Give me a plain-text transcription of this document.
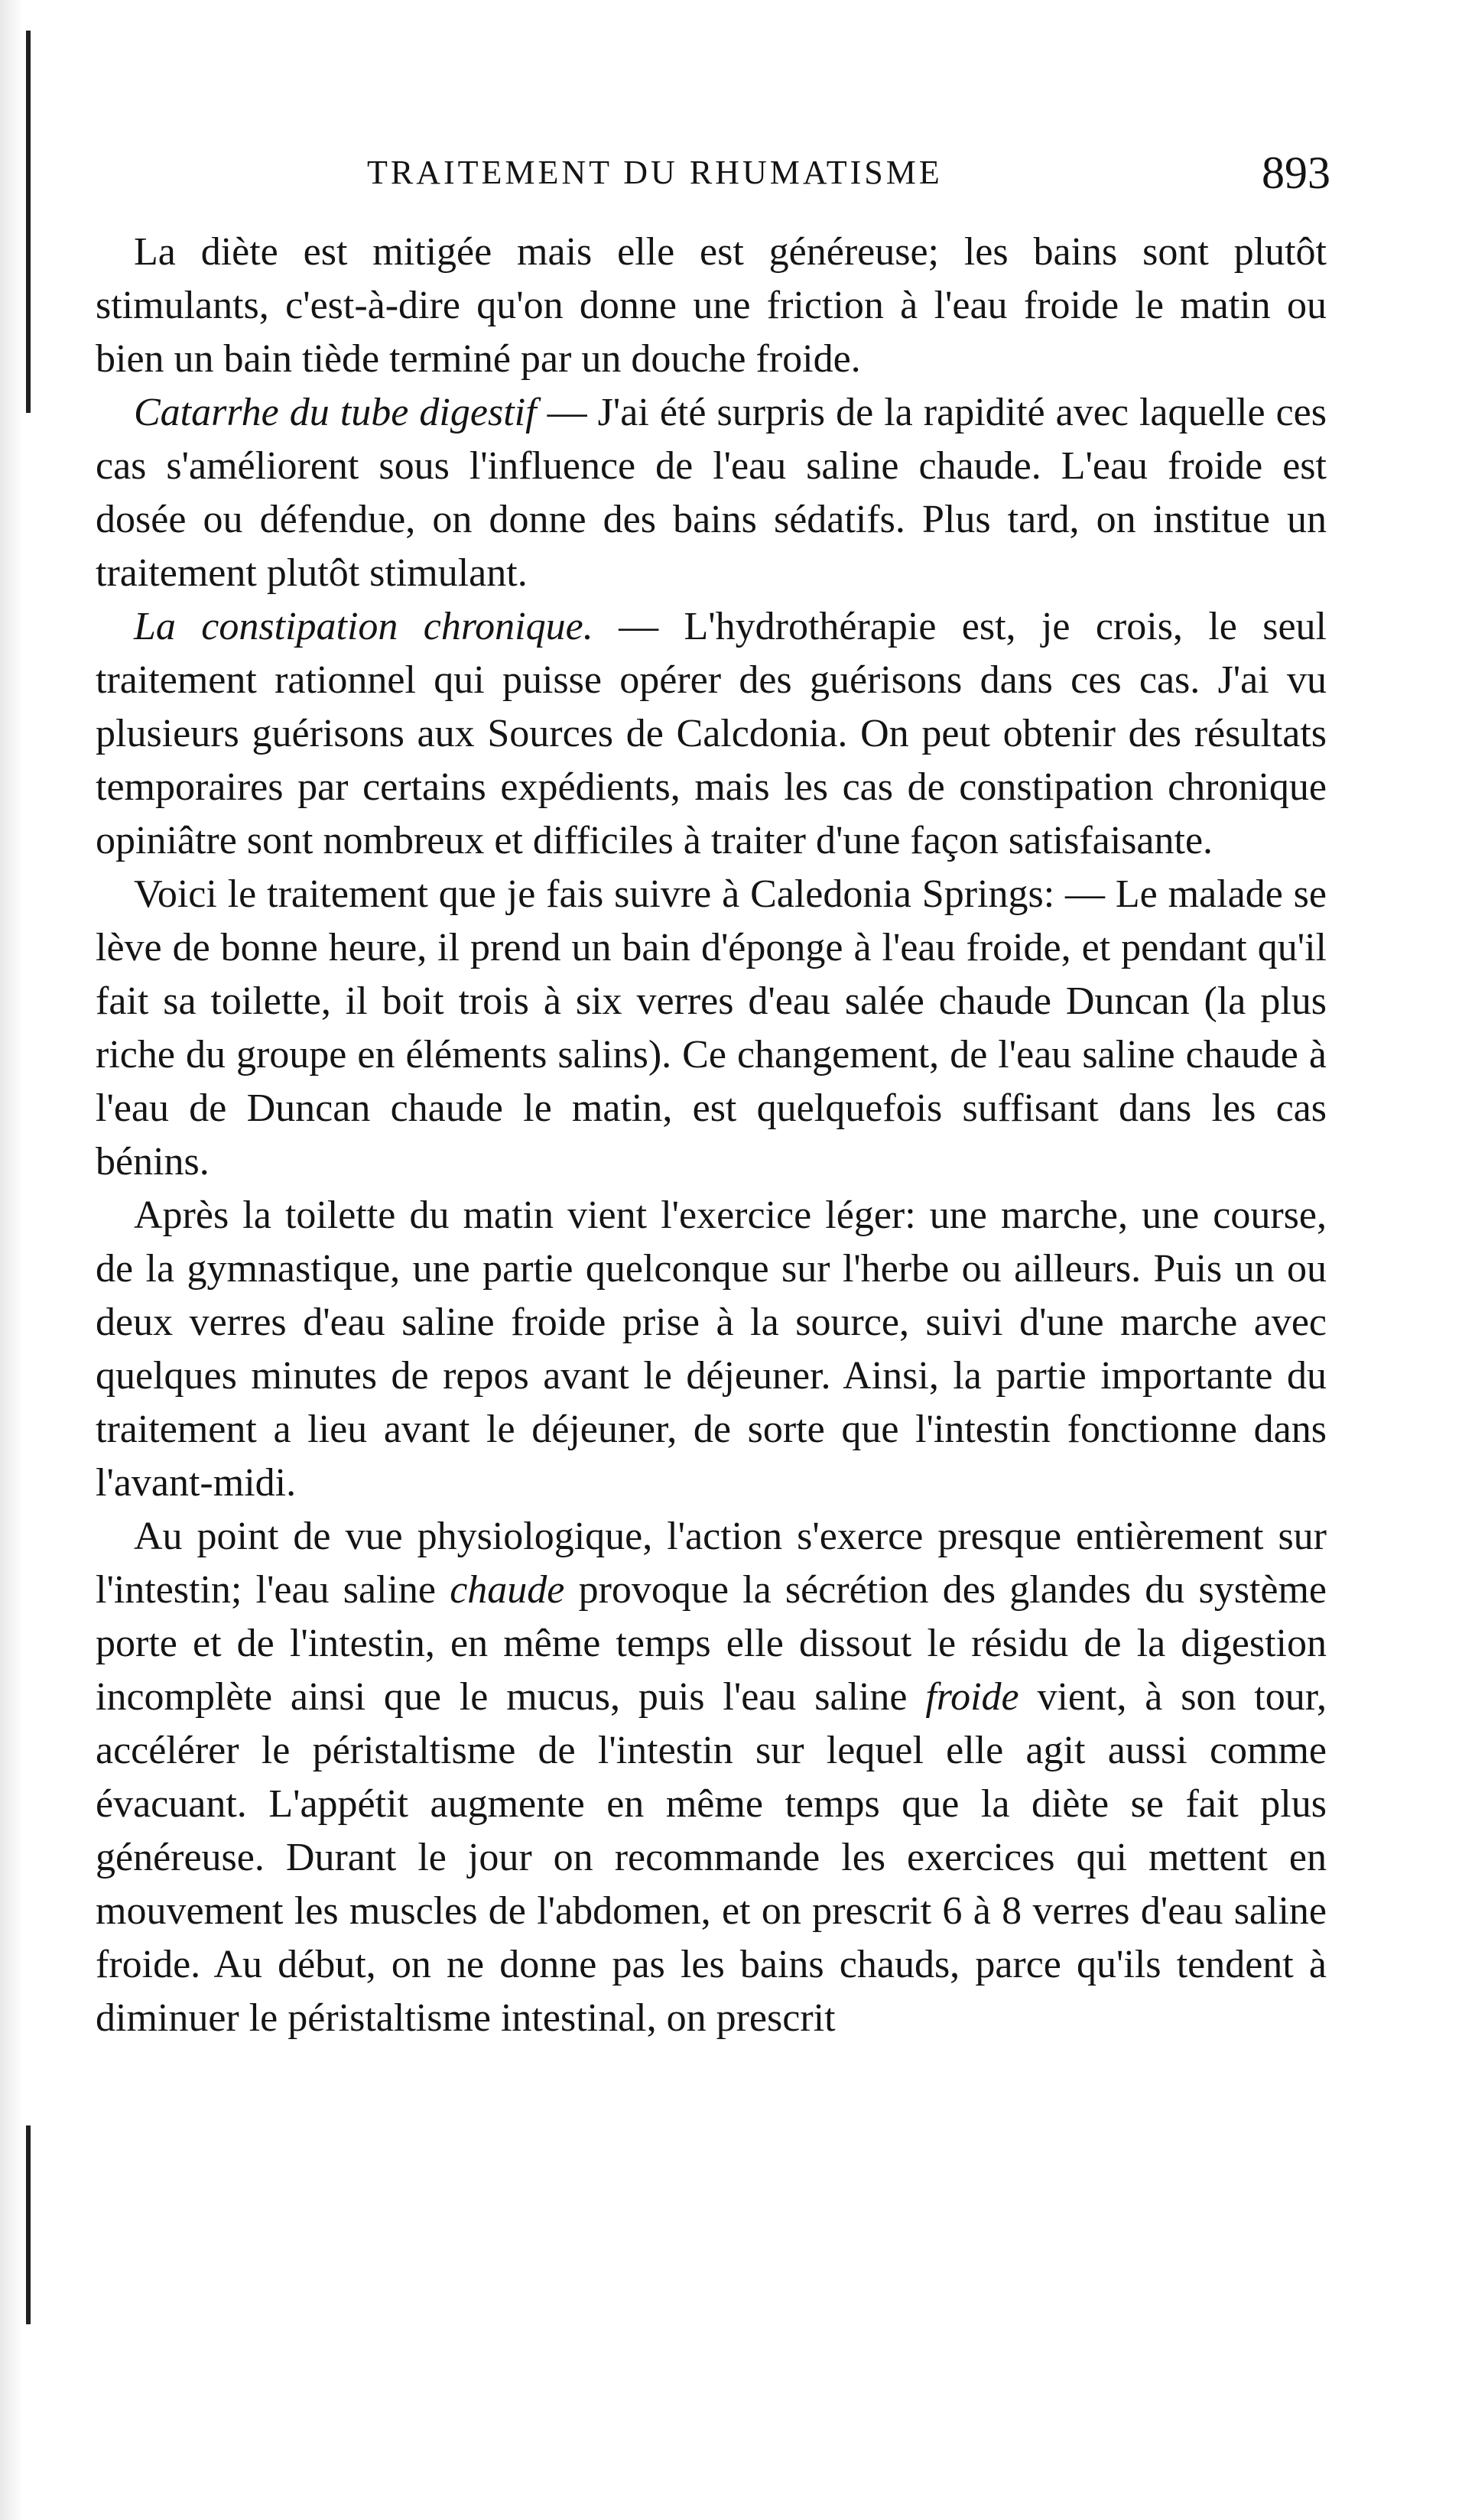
TRAITEMENT DU RHUMATISME	893

La diète est mitigée mais elle est généreuse; les bains sont plutôt stimulants, c'est-à-dire qu'on donne une friction à l'eau froide le matin ou bien un bain tiède terminé par un douche froide.

Catarrhe du tube digestif — J'ai été surpris de la rapidité avec laquelle ces cas s'améliorent sous l'influence de l'eau saline chaude. L'eau froide est dosée ou défendue, on donne des bains sédatifs. Plus tard, on institue un traitement plutôt stimulant.

La constipation chronique. — L'hydrothérapie est, je crois, le seul traitement rationnel qui puisse opérer des guérisons dans ces cas. J'ai vu plusieurs guérisons aux Sources de Calcdonia. On peut obtenir des résultats temporaires par certains expédients, mais les cas de constipation chronique opiniâtre sont nombreux et difficiles à traiter d'une façon satisfaisante.

Voici le traitement que je fais suivre à Caledonia Springs: — Le malade se lève de bonne heure, il prend un bain d'éponge à l'eau froide, et pendant qu'il fait sa toilette, il boit trois à six verres d'eau salée chaude Duncan (la plus riche du groupe en éléments salins). Ce changement, de l'eau saline chaude à l'eau de Duncan chaude le matin, est quelquefois suffisant dans les cas bénins.

Après la toilette du matin vient l'exercice léger: une marche, une course, de la gymnastique, une partie quelconque sur l'herbe ou ailleurs. Puis un ou deux verres d'eau saline froide prise à la source, suivi d'une marche avec quelques minutes de repos avant le déjeuner. Ainsi, la partie importante du traitement a lieu avant le déjeuner, de sorte que l'intestin fonctionne dans l'avant-midi.

Au point de vue physiologique, l'action s'exerce presque entièrement sur l'intestin; l'eau saline chaude provoque la sécrétion des glandes du système porte et de l'intestin, en même temps elle dissout le résidu de la digestion incomplète ainsi que le mucus, puis l'eau saline froide vient, à son tour, accélérer le péristaltisme de l'intestin sur lequel elle agit aussi comme évacuant. L'appétit augmente en même temps que la diète se fait plus généreuse. Durant le jour on recommande les exercices qui mettent en mouvement les muscles de l'abdomen, et on prescrit 6 à 8 verres d'eau saline froide. Au début, on ne donne pas les bains chauds, parce qu'ils tendent à diminuer le péristaltisme intestinal, on prescrit
